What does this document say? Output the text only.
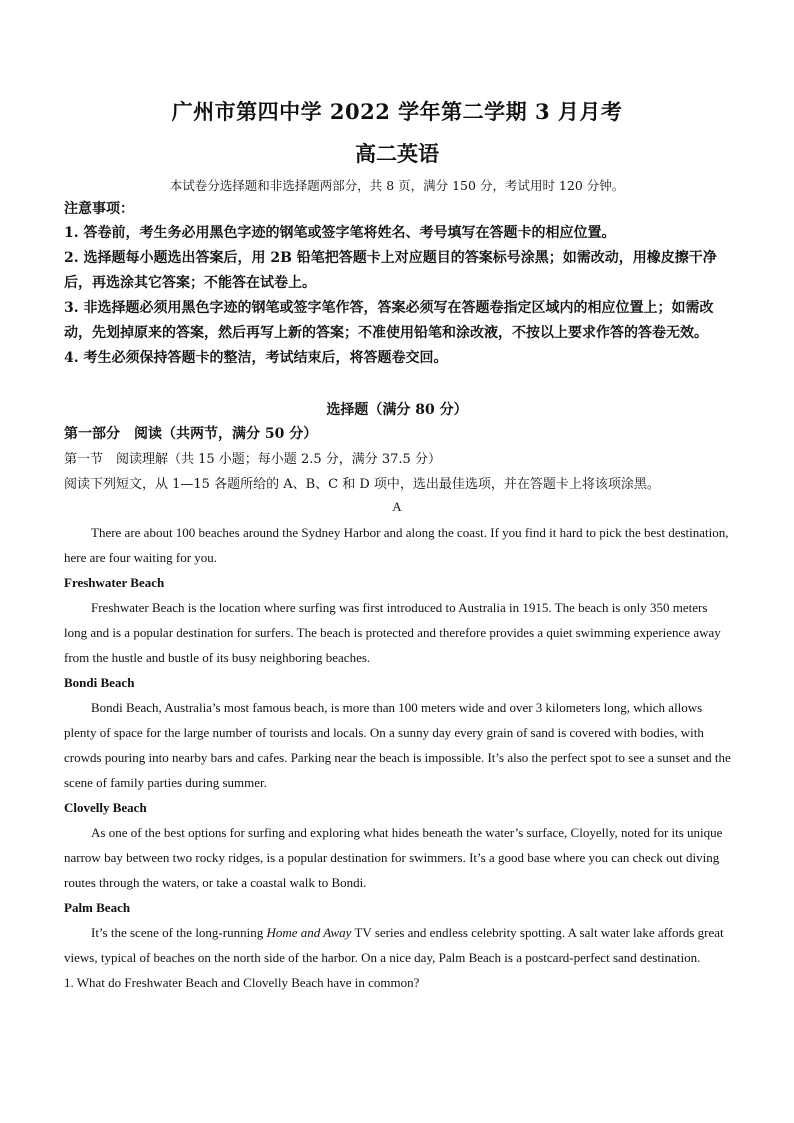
广州市第四中学 2022 学年第二学期 3 月月考
高二英语
本试卷分选择题和非选择题两部分，共 8 页，满分 150 分，考试用时 120 分钟。
注意事项：

1. 答卷前，考生务必用黑色字迹的钢笔或签字笔将姓名、考号填写在答题卡的相应位置。

2. 选择题每小题选出答案后，用 2B 铅笔把答题卡上对应题目的答案标号涂黑；如需改动，用橡皮擦干净后，再选涂其它答案；不能答在试卷上。

3. 非选择题必须用黑色字迹的钢笔或签字笔作答，答案必须写在答题卷指定区域内的相应位置上；如需改动，先划掉原来的答案，然后再写上新的答案；不准使用铅笔和涂改液，不按以上要求作答的答卷无效。

4. 考生必须保持答题卡的整洁，考试结束后，将答题卷交回。

选择题（满分 80 分）
第一部分　阅读（共两节，满分 50 分）
第一节　阅读理解（共 15 小题；每小题 2.5 分，满分 37.5 分）
阅读下列短文，从 1—15 各题所给的 A、B、C 和 D 项中，选出最佳选项，并在答题卡上将该项涂黑。
A

There are about 100 beaches around the Sydney Harbor and along the coast. If you find it hard to pick the best destination, here are four waiting for you.

Freshwater Beach

Freshwater Beach is the location where surfing was first introduced to Australia in 1915. The beach is only 350 meters long and is a popular destination for surfers. The beach is protected and therefore provides a quiet swimming experience away from the hustle and bustle of its busy neighboring beaches.

Bondi Beach

Bondi Beach, Australia’s most famous beach, is more than 100 meters wide and over 3 kilometers long, which allows plenty of space for the large number of tourists and locals. On a sunny day every grain of sand is covered with bodies, with crowds pouring into nearby bars and cafes. Parking near the beach is impossible. It’s also the perfect spot to see a sunset and the scene of family parties during summer.

Clovelly Beach

As one of the best options for surfing and exploring what hides beneath the water’s surface, Cloyelly, noted for its unique narrow bay between two rocky ridges, is a popular destination for swimmers. It’s a good base where you can check out diving routes through the waters, or take a coastal walk to Bondi.

Palm Beach

It’s the scene of the long-running Home and Away TV series and endless celebrity spotting. A salt water lake affords great views, typical of beaches on the north side of the harbor. On a nice day, Palm Beach is a postcard-perfect sand destination.

1. What do Freshwater Beach and Clovelly Beach have in common?
